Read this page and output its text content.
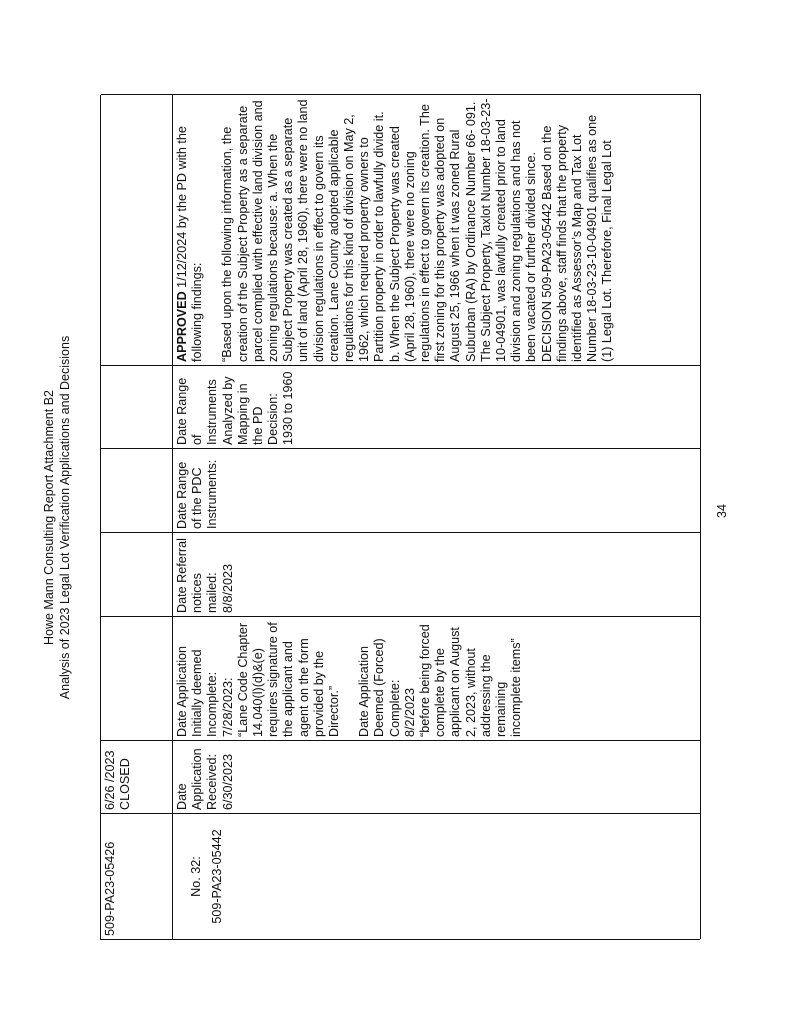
Howe Mann Consulting Report Attachment B2 Analysis of 2023 Legal Lot Verification Applications and Decisions
509-PA23-05426
6/26 /2023 CLOSED
No. 32: 509-PA23-05442
Date Application Received: 6/30/2023
Date Application Initially deemed Incomplete: 7/28/2023: “Lane Code Chapter 14.040(l)(d)&(e) requires signature of the applicant and agent on the form provided by the Director.” Date Application Deemed (Forced) Complete: 8/2/2023 “before being forced complete by the applicant on August 2, 2023, without addressing the remaining incomplete items”
Date Referral notices mailed: 8/8/2023
Date Range of the PDC Instruments:
Date Range of Instruments Analyzed by Mapping in the PD Decision: 1930 to 1960
APPROVED 1/12/2024 by the PD with the following findings: “Based upon the following information, the creation of the Subject Property as a separate parcel complied with effective land division and zoning regulations because: a. When the Subject Property was created as a separate unit of land (April 28, 1960), there were no land division regulations in effect to govern its creation. Lane County adopted applicable regulations for this kind of division on May 2, 1962, which required property owners to Partition property in order to lawfully divide it. b. When the Subject Property was created (April 28, 1960), there were no zoning regulations in effect to govern its creation. The first zoning for this property was adopted on August 25, 1966 when it was zoned Rural Suburban (RA) by Ordinance Number 66- 091. The Subject Property, Taxlot Number 18-03-23-10-04901, was lawfully created prior to land division and zoning regulations and has not been vacated or further divided since. DECISION 509-PA23-05442 Based on the findings above, staff finds that the property identified as Assessor’s Map and Tax Lot Number 18-03-23-10-04901 qualifies as one (1) Legal Lot. Therefore, Final Legal Lot
34
